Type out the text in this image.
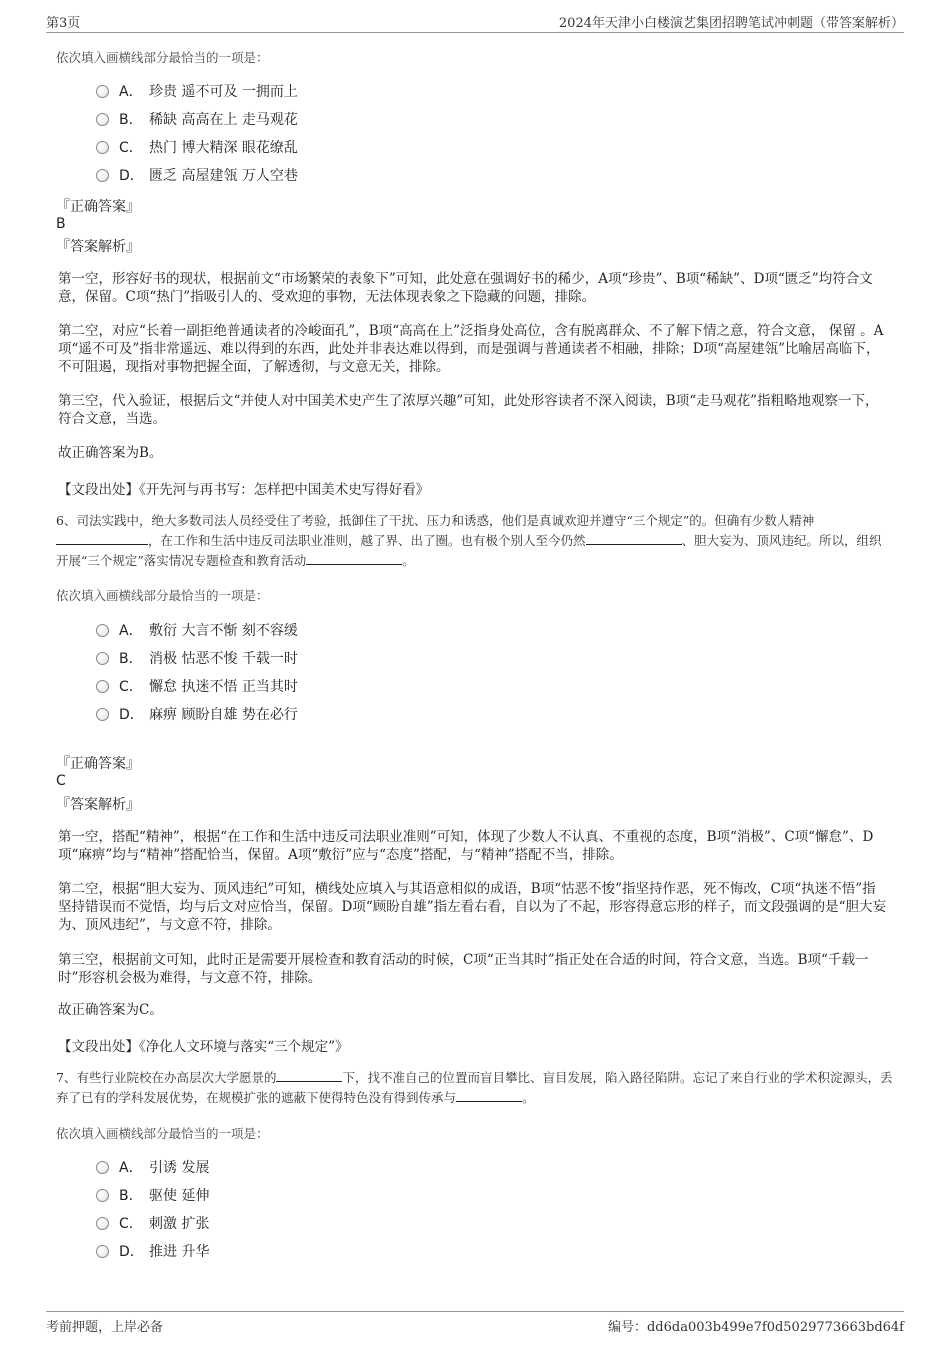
第3页	2024年天津小白楼演艺集团招聘笔试冲刺题（带答案解析）
依次填入画横线部分最恰当的一项是：
A． 珍贵 遥不可及 一拥而上
B． 稀缺 高高在上 走马观花
C． 热门 博大精深 眼花缭乱
D． 匮乏 高屋建瓴 万人空巷
『正确答案』
B
『答案解析』
第一空，形容好书的现状，根据前文“市场繁荣的表象下”可知，此处意在强调好书的稀少，A项“珍贵”、B项“稀缺”、D项“匮乏”均符合文意，保留。C项“热门”指吸引人的、受欢迎的事物，无法体现表象之下隐藏的问题，排除。
第二空，对应“长着一副拒绝普通读者的冷峻面孔”，B项“高高在上”泛指身处高位，含有脱离群众、不了解下情之意，符合文意， 保留 。A项“遥不可及”指非常遥远、难以得到的东西，此处并非表达难以得到，而是强调与普通读者不相融，排除；D项“高屋建瓴”比喻居高临下，不可阻遏，现指对事物把握全面，了解透彻，与文意无关，排除。
第三空，代入验证，根据后文“并使人对中国美术史产生了浓厚兴趣”可知，此处形容读者不深入阅读，B项“走马观花”指粗略地观察一下，符合文意，当选。
故正确答案为B。
【文段出处】《开先河与再书写：怎样把中国美术史写得好看》
6、司法实践中，绝大多数司法人员经受住了考验，抵御住了干扰、压力和诱惑，他们是真诚欢迎并遵守“三个规定”的。但确有少数人精神，在工作和生活中违反司法职业准则，越了界、出了圈。也有极个别人至今仍然	、胆大妄为、顶风违纪。所以，组织开展“三个规定”落实情况专题检查和教育活动	。
依次填入画横线部分最恰当的一项是：
A． 敷衍 大言不惭 刻不容缓
B． 消极 怙恶不悛 千载一时
C． 懈怠 执迷不悟 正当其时
D． 麻痹 顾盼自雄 势在必行
『正确答案』
C
『答案解析』
第一空，搭配“精神”，根据“在工作和生活中违反司法职业准则”可知，体现了少数人不认真、不重视的态度，B项“消极”、C项“懈怠”、D项“麻痹”均与“精神”搭配恰当，保留。A项“敷衍”应与“态度”搭配，与“精神”搭配不当，排除。
第二空，根据“胆大妄为、顶风违纪”可知，横线处应填入与其语意相似的成语，B项“怙恶不悛”指坚持作恶，死不悔改，C项“执迷不悟”指坚持错误而不觉悟，均与后文对应恰当，保留。D项“顾盼自雄”指左看右看，自以为了不起，形容得意忘形的样子，而文段强调的是“胆大妄为、顶风违纪”，与文意不符，排除。
第三空，根据前文可知，此时正是需要开展检查和教育活动的时候，C项“正当其时”指正处在合适的时间，符合文意，当选。B项“千载一时”形容机会极为难得，与文意不符，排除。
故正确答案为C。
【文段出处】《净化人文环境与落实“三个规定”》
7、有些行业院校在办高层次大学愿景的	下，找不准自己的位置而盲目攀比、盲目发展，陷入路径陷阱。忘记了来自行业的学术积淀源头，丢弃了已有的学科发展优势，在规模扩张的遮蔽下使得特色没有得到传承与	。
依次填入画横线部分最恰当的一项是：
A． 引诱 发展
B． 驱使 延伸
C． 刺激 扩张
D． 推进 升华
考前押题，上岸必备	编号：dd6da003b499e7f0d5029773663bd64f
